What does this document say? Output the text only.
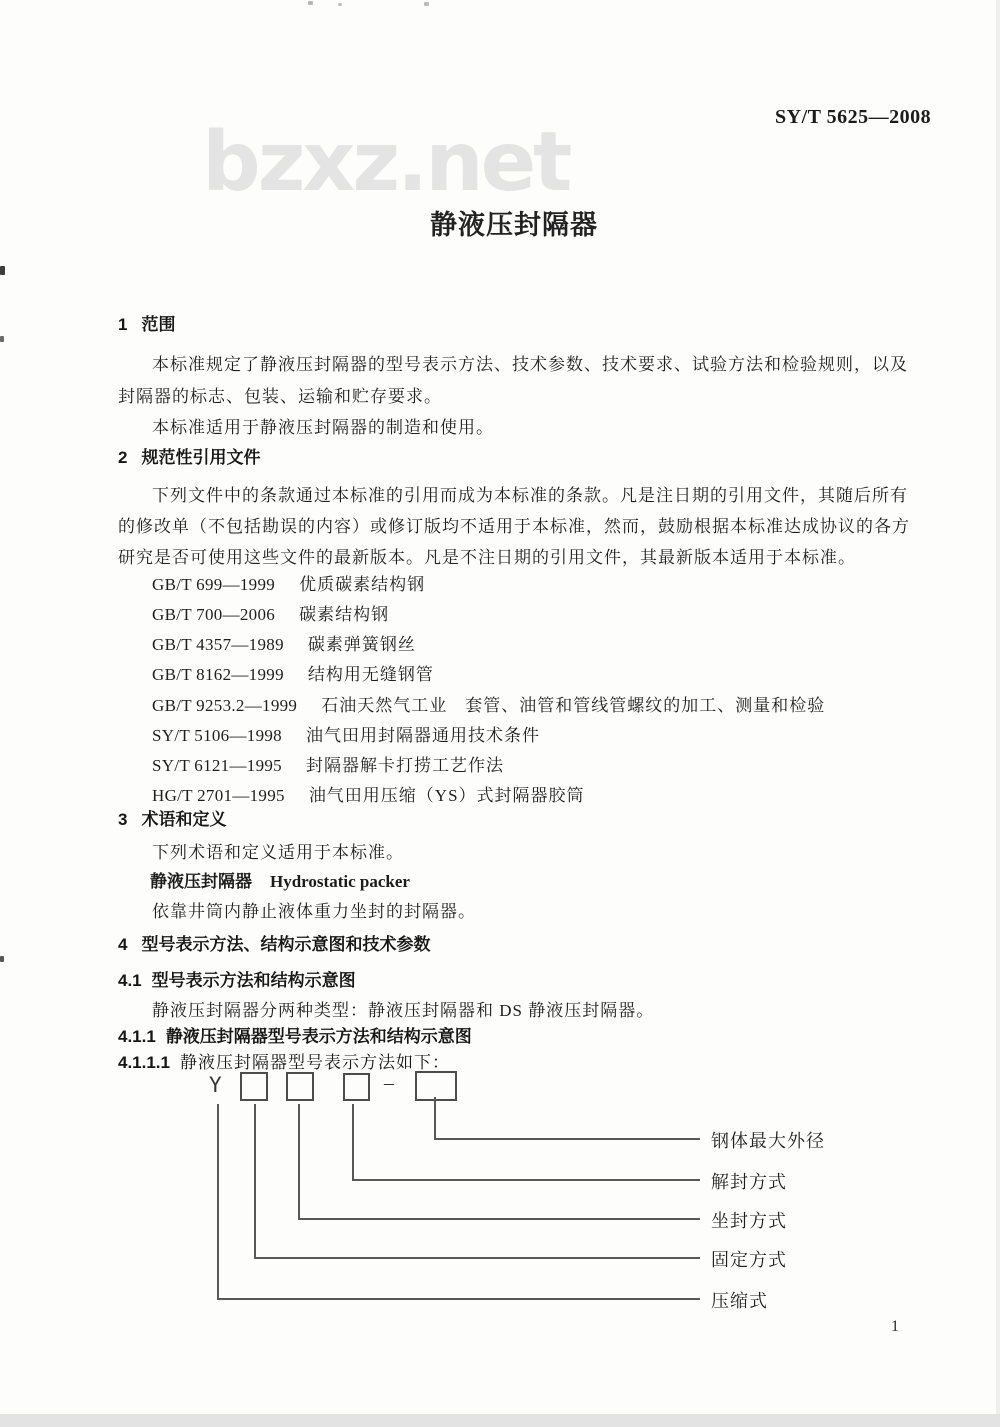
SY/T 5625—2008
bzxz.net
静液压封隔器
1 范围
本标准规定了静液压封隔器的型号表示方法、技术参数、技术要求、试验方法和检验规则，以及
封隔器的标志、包装、运输和贮存要求。
本标准适用于静液压封隔器的制造和使用。
2 规范性引用文件
下列文件中的条款通过本标准的引用而成为本标准的条款。凡是注日期的引用文件，其随后所有
的修改单（不包括勘误的内容）或修订版均不适用于本标准，然而，鼓励根据本标准达成协议的各方
研究是否可使用这些文件的最新版本。凡是不注日期的引用文件，其最新版本适用于本标准。
GB/T 699—1999 优质碳素结构钢
GB/T 700—2006 碳素结构钢
GB/T 4357—1989 碳素弹簧钢丝
GB/T 8162—1999 结构用无缝钢管
GB/T 9253.2—1999 石油天然气工业　套管、油管和管线管螺纹的加工、测量和检验
SY/T 5106—1998 油气田用封隔器通用技术条件
SY/T 6121—1995 封隔器解卡打捞工艺作法
HG/T 2701—1995 油气田用压缩（YS）式封隔器胶筒
3 术语和定义
下列术语和定义适用于本标准。
静液压封隔器 Hydrostatic packer
依靠井筒内静止液体重力坐封的封隔器。
4 型号表示方法、结构示意图和技术参数
4.1 型号表示方法和结构示意图
静液压封隔器分两种类型：静液压封隔器和 DS 静液压封隔器。
4.1.1 静液压封隔器型号表示方法和结构示意图
4.1.1.1 静液压封隔器型号表示方法如下：
Y	–
钢体最大外径
解封方式
坐封方式
固定方式
压缩式
1
